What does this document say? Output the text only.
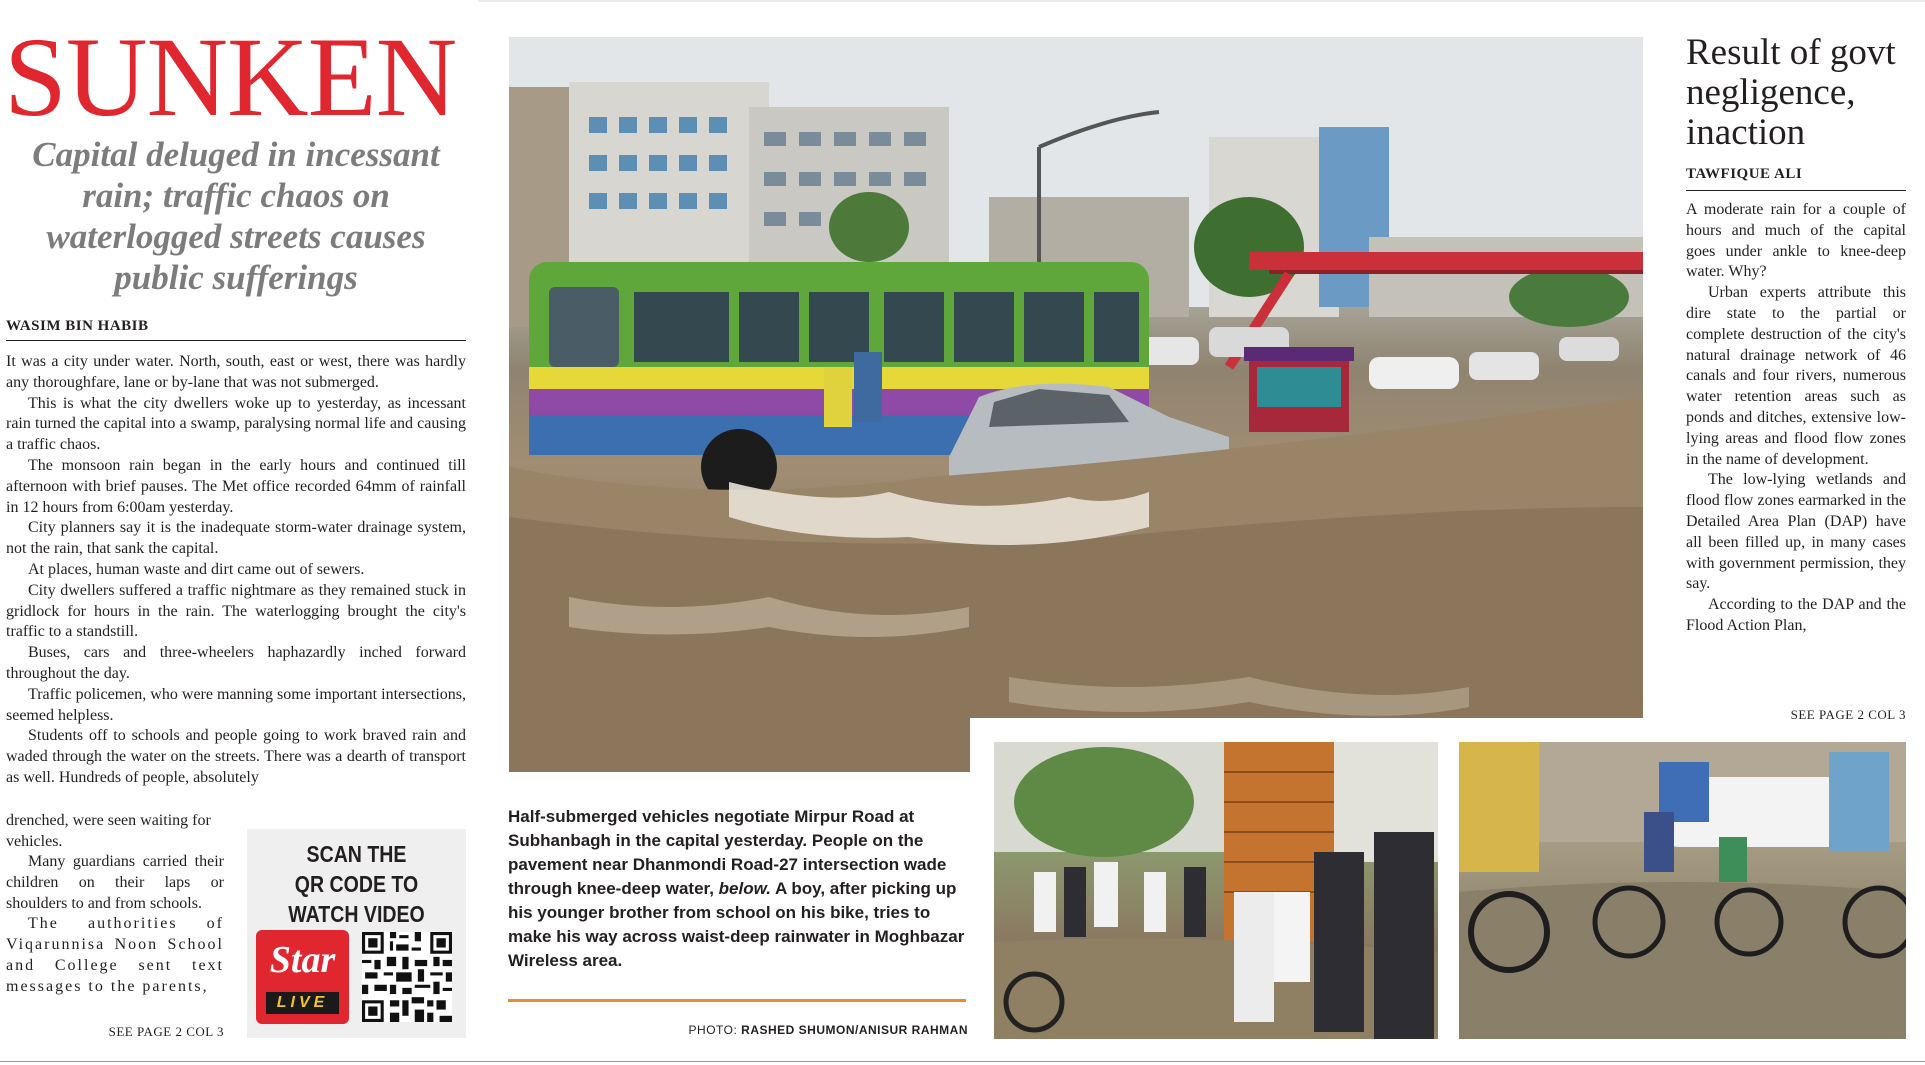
SUNKEN
Capital deluged in incessant rain; traffic chaos on waterlogged streets causes public sufferings
WASIM BIN HABIB

It was a city under water. North, south, east or west, there was hardly any thoroughfare, lane or by-lane that was not submerged.

This is what the city dwellers woke up to yesterday, as incessant rain turned the capital into a swamp, paralysing normal life and causing a traffic chaos.

The monsoon rain began in the early hours and continued till afternoon with brief pauses. The Met office recorded 64mm of rainfall in 12 hours from 6:00am yesterday.

City planners say it is the inadequate storm-water drainage system, not the rain, that sank the capital.

At places, human waste and dirt came out of sewers.

City dwellers suffered a traffic nightmare as they remained stuck in gridlock for hours in the rain. The waterlogging brought the city's traffic to a standstill.

Buses, cars and three-wheelers haphazardly inched forward throughout the day.

Traffic policemen, who were manning some important intersections, seemed helpless.

Students off to schools and people going to work braved rain and waded through the water on the streets. There was a dearth of transport as well. Hundreds of people, absolutely

drenched, were seen waiting for vehicles.

Many guardians carried their children on their laps or shoulders to and from schools.

The authorities of Viqarunnisa Noon School and College sent text messages to the parents,

SEE PAGE 2 COL 3
SCAN THE
QR CODE TO
WATCH VIDEO
Star
LIVE

Half-submerged vehicles negotiate Mirpur Road at Subhanbagh in the capital yesterday. People on the pavement near Dhanmondi Road-27 intersection wade through knee-deep water, below. A boy, after picking up his younger brother from school on his bike, tries to make his way across waist-deep rainwater in Moghbazar Wireless area.

PHOTO: RASHED SHUMON/ANISUR RAHMAN
Result of govt
negligence,
inaction
TAWFIQUE ALI

A moderate rain for a couple of hours and much of the capital goes under ankle to knee-deep water. Why?

Urban experts attribute this dire state to the partial or complete destruction of the city's natural drainage network of 46 canals and four rivers, numerous water retention areas such as ponds and ditches, extensive low-lying areas and flood flow zones in the name of development.

The low-lying wetlands and flood flow zones earmarked in the Detailed Area Plan (DAP) have all been filled up, in many cases with government permission, they say.

According to the DAP and the Flood Action Plan,

SEE PAGE 2 COL 3
